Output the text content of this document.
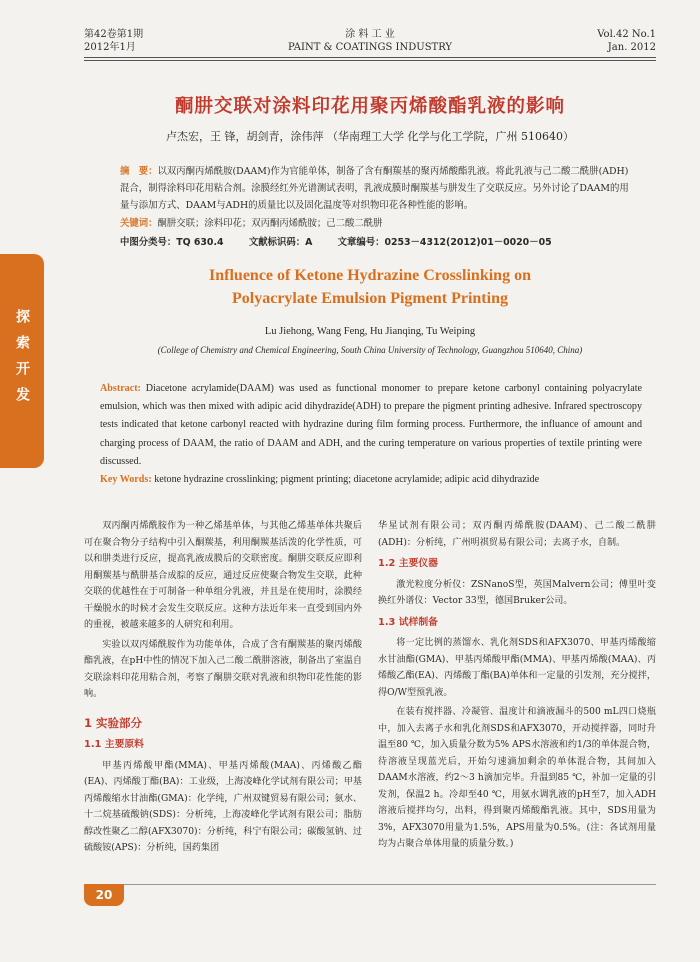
第42卷第1期
2012年1月
涂 料 工 业
PAINT & COATINGS INDUSTRY
Vol.42 No.1
Jan. 2012
探索开发
酮肼交联对涂料印花用聚丙烯酸酯乳液的影响
卢杰宏，王 锋，胡剑青，涂伟萍 （华南理工大学 化学与化工学院，广州 510640）
摘　要：以双丙酮丙烯酰胺(DAAM)作为官能单体，制备了含有酮羰基的聚丙烯酸酯乳液。将此乳液与己二酸二酰肼(ADH)混合，制得涂料印花用粘合剂。涂膜经红外光谱测试表明，乳液成膜时酮羰基与肼发生了交联反应。另外讨论了DAAM的用量与添加方式、DAAM与ADH的质量比以及固化温度等对织物印花各种性能的影响。
关键词：酮肼交联；涂料印花；双丙酮丙烯酰胺；己二酸二酰肼
中图分类号：TQ 630.4	文献标识码：A	文章编号：0253－4312(2012)01－0020－05
Influence of Ketone Hydrazine Crosslinking on
Polyacrylate Emulsion Pigment Printing
Lu Jiehong, Wang Feng, Hu Jianqing, Tu Weiping
(College of Chemistry and Chemical Engineering, South China University of Technology, Guangzhou 510640, China)
Abstract: Diacetone acrylamide(DAAM) was used as functional monomer to prepare ketone carbonyl containing polyacrylate emulsion, which was then mixed with adipic acid dihydrazide(ADH) to prepare the pigment printing adhesive. Infrared spectroscopy tests indicated that ketone carbonyl reacted with hydrazine during film forming process. Furthermore, the influance of amount and charging process of DAAM, the ratio of DAAM and ADH, and the curing temperature on various properties of textile printing were discussed.
Key Words: ketone hydrazine crosslinking; pigment printing; diacetone acrylamide; adipic acid dihydrazide

双丙酮丙烯酰胺作为一种乙烯基单体，与其他乙烯基单体共聚后可在聚合物分子结构中引入酮羰基，利用酮羰基活泼的化学性质，可以和肼类进行反应，提高乳液成膜后的交联密度。酮肼交联反应即利用酮羰基与酰肼基合成腙的反应，通过反应使聚合物发生交联，此种交联的优越性在于可制备一种单组分乳液，并且是在使用时，涂膜经干燥脱水的时候才会发生交联反应。这种方法近年来一直受到国内外的重视，被越来越多的人研究和利用。

实验以双丙烯酰胺作为功能单体，合成了含有酮羰基的聚丙烯酸酯乳液，在pH中性的情况下加入己二酸二酰肼溶液，制备出了室温自交联涂料印花用粘合剂，考察了酮肼交联对乳液和织物印花性能的影响。

1 实验部分
1.1 主要原料

甲基丙烯酸甲酯(MMA)、甲基丙烯酸(MAA)、丙烯酸乙酯(EA)、丙烯酸丁酯(BA)：工业级，上海凌峰化学试剂有限公司；甲基丙烯酸缩水甘油酯(GMA)：化学纯，广州双键贸易有限公司；氨水、十二烷基硫酸钠(SDS)：分析纯，上海凌峰化学试剂有限公司；脂肪醇改性聚乙二醇(AFX3070)：分析纯，科宁有限公司；碳酸氢钠、过硫酸铵(APS)：分析纯，国药集团

华星试剂有限公司；双丙酮丙烯酰胺(DAAM)、己二酸二酰肼(ADH)：分析纯，广州明祺贸易有限公司；去离子水，自制。

1.2 主要仪器

激光粒度分析仪：ZSNanoS型，英国Malvern公司；傅里叶变换红外谱仪：Vector 33型，德国Bruker公司。

1.3 试样制备

将一定比例的蒸馏水、乳化剂SDS和AFX3070、甲基丙烯酸缩水甘油酯(GMA)、甲基丙烯酸甲酯(MMA)、甲基丙烯酸(MAA)、丙烯酸乙酯(EA)、丙烯酸丁酯(BA)单体和一定量的引发剂，充分搅拌，得O/W型预乳液。

在装有搅拌器、冷凝管、温度计和滴液漏斗的500 mL四口烧瓶中，加入去离子水和乳化剂SDS和AFX3070，开动搅拌器，同时升温至80 ℃，加入质量分数为5% APS水溶液和约1/3的单体混合物，待溶液呈现蓝光后，开始匀速滴加剩余的单体混合物，其间加入DAAM水溶液，约2～3 h滴加完毕。升温到85 ℃，补加一定量的引发剂，保温2 h。冷却至40 ℃，用氨水调乳液的pH至7，加入ADH溶液后搅拌均匀，出料，得到聚丙烯酸酯乳液。其中，SDS用量为3%，AFX3070用量为1.5%，APS用量为0.5%。(注：各试剂用量均为占聚合单体用量的质量分数。)

20
